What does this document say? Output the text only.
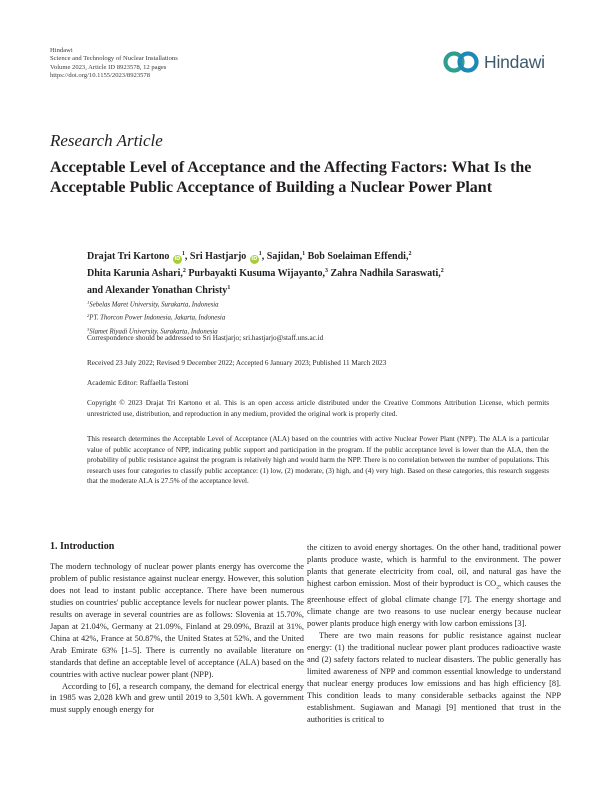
Hindawi
Science and Technology of Nuclear Installations
Volume 2023, Article ID 8923578, 12 pages
https://doi.org/10.1155/2023/8923578
Hindawi
Research Article
Acceptable Level of Acceptance and the Affecting Factors: What Is the Acceptable Public Acceptance of Building a Nuclear Power Plant
Drajat Tri Kartono $iD^1$, Sri Hastjarjo $iD^1$, Sajidan,$^1$ Bob Soelaiman Effendi,$^2$
Dhita Karunia Ashari,$^2$ Purbayakti Kusuma Wijayanto,$^3$ Zahra Nadhila Saraswati,$^2$
and Alexander Yonathan Christy$^1$
$^1$Sebelas Maret University, Surakarta, Indonesia
$^2$PT. Thorcon Power Indonesia, Jakarta, Indonesia
$^3$Slamet Riyadi University, Surakarta, Indonesia
Correspondence should be addressed to Sri Hastjarjo; sri.hastjarjo@staff.uns.ac.id
Received 23 July 2022; Revised 9 December 2022; Accepted 6 January 2023; Published 11 March 2023
Academic Editor: Raffaella Testoni
Copyright © 2023 Drajat Tri Kartono et al. This is an open access article distributed under the Creative Commons Attribution License, which permits unrestricted use, distribution, and reproduction in any medium, provided the original work is properly cited.
This research determines the Acceptable Level of Acceptance (ALA) based on the countries with active Nuclear Power Plant (NPP). The ALA is a particular value of public acceptance of NPP, indicating public support and participation in the program. If the public acceptance level is lower than the ALA, then the probability of public resistance against the program is relatively high and would harm the NPP. There is no correlation between the number of populations. This research uses four categories to classify public acceptance: (1) low, (2) moderate, (3) high, and (4) very high. Based on these categories, this research suggests that the moderate ALA is 27.5% of the acceptance level.
1. Introduction

The modern technology of nuclear power plants energy has overcome the problem of public resistance against nuclear energy. However, this solution does not lead to instant public acceptance. There have been numerous studies on countries' public acceptance levels for nuclear power plants. The results on average in several countries are as follows: Slovenia at 15.70%, Japan at 21.04%, Germany at 21.09%, Finland at 29.09%, Brazil at 31%, China at 42%, France at 50.87%, the United States at 52%, and the United Arab Emirate 63% [1–5]. There is currently no available literature on standards that define an acceptable level of acceptance (ALA) based on the countries with active nuclear power plant (NPP).

According to [6], a research company, the demand for electrical energy in 1985 was 2,028 kWh and grew until 2019 to 3,501 kWh. A government must supply enough energy for

the citizen to avoid energy shortages. On the other hand, traditional power plants produce waste, which is harmful to the environment. The power plants that generate electricity from coal, oil, and natural gas have the highest carbon emission. Most of their byproduct is $CO_2$, which causes the greenhouse effect of global climate change [7]. The energy shortage and climate change are two reasons to use nuclear energy because nuclear power plants produce high energy with low carbon emissions [3].

There are two main reasons for public resistance against nuclear energy: (1) the traditional nuclear power plant produces radioactive waste and (2) safety factors related to nuclear disasters. The public generally has limited awareness of NPP and common essential knowledge to understand that nuclear energy produces low emissions and has high efficiency [8]. This condition leads to many considerable setbacks against the NPP establishment. Sugiawan and Managi [9] mentioned that trust in the authorities is critical to
